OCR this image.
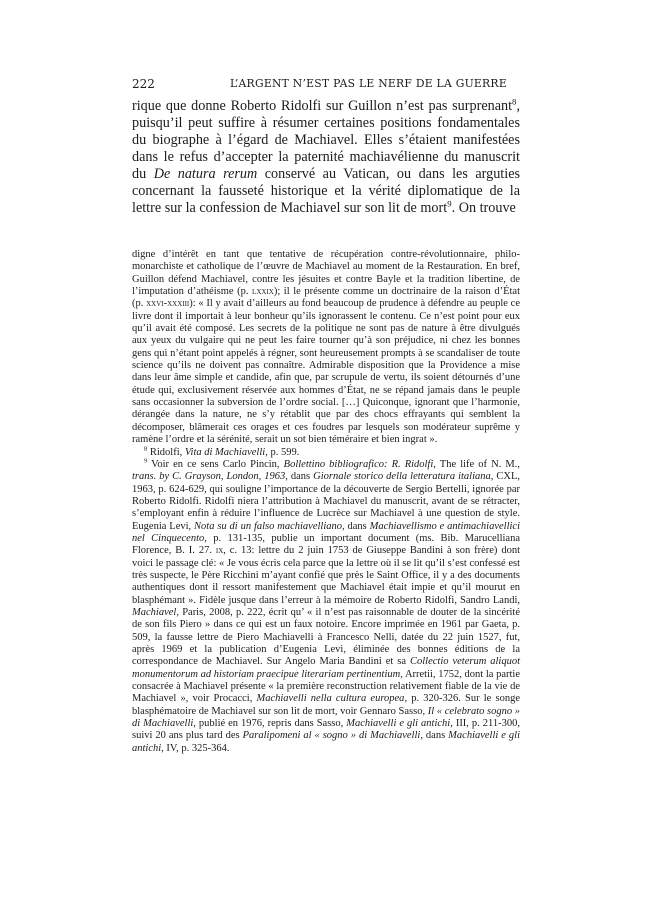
222	L’ARGENT N’EST PAS LE NERF DE LA GUERRE

rique que donne Roberto Ridolfi sur Guillon n’est pas surprenant$^8$, puisqu’il peut suffire à résumer certaines positions fondamentales du biographe à l’égard de Machiavel. Elles s’étaient manifestées dans le refus d’accepter la paternité machiavélienne du manuscrit du De natura rerum conservé au Vatican, ou dans les arguties concernant la fausseté historique et la vérité diplomatique de la lettre sur la confession de Machiavel sur son lit de mort$^9$. On trouve

digne d’intérêt en tant que tentative de récupération contre-révolutionnaire, philo-monarchiste et catholique de l’œuvre de Machiavel au moment de la Restauration. En bref, Guillon défend Machiavel, contre les jésuites et contre Bayle et la tradition libertine, de l’imputation d’athéisme (p. lxxix); il le présente comme un doctrinaire de la raison d’État (p. xxvi-xxxiii): « Il y avait d’ailleurs au fond beaucoup de prudence à défendre au peuple ce livre dont il importait à leur bonheur qu’ils ignorassent le contenu. Ce n’est point pour eux qu’il avait été composé. Les secrets de la politique ne sont pas de nature à être divulgués aux yeux du vulgaire qui ne peut les faire tourner qu’à son préjudice, ni chez les bonnes gens qui n’étant point appelés à régner, sont heureusement prompts à se scandaliser de toute science qu’ils ne doivent pas connaître. Admirable disposition que la Providence a mise dans leur âme simple et candide, afin que, par scrupule de vertu, ils soient détournés d’une étude qui, exclusivement réservée aux hommes d’État, ne se répand jamais dans le peuple sans occasionner la subversion de l’ordre social. […] Quiconque, ignorant que l’harmonie, dérangée dans la nature, ne s’y rétablit que par des chocs effrayants qui semblent la décomposer, blâmerait ces orages et ces foudres par lesquels son modérateur suprême y ramène l’ordre et la sérénité, serait un sot bien téméraire et bien ingrat ».

$^8$ Ridolfi, Vita di Machiavelli, p. 599.

$^9$ Voir en ce sens Carlo Pincin, Bollettino bibliografico: R. Ridolfi, The life of N. M., trans. by C. Grayson, London, 1963, dans Giornale storico della letteratura italiana, CXL, 1963, p. 624-629, qui souligne l’importance de la découverte de Sergio Bertelli, ignorée par Roberto Ridolfi. Ridolfi niera l’attribution à Machiavel du manuscrit, avant de se rétracter, s’employant enfin à réduire l’influence de Lucrèce sur Machiavel à une question de style. Eugenia Levi, Nota su di un falso machiavelliano, dans Machiavellismo e antimachiavellici nel Cinquecento, p. 131-135, publie un important document (ms. Bib. Marucelliana Florence, B. I. 27. ix, c. 13: lettre du 2 juin 1753 de Giuseppe Bandini à son frère) dont voici le passage clé: « Je vous écris cela parce que la lettre où il se lit qu’il s’est confessé est très suspecte, le Père Ricchini m’ayant confié que près le Saint Office, il y a des documents authentiques dont il ressort manifestement que Machiavel était impie et qu’il mourut en blasphémant ». Fidèle jusque dans l’erreur à la mémoire de Roberto Ridolfi, Sandro Landi, Machiavel, Paris, 2008, p. 222, écrit qu’ « il n’est pas raisonnable de douter de la sincérité de son fils Piero » dans ce qui est un faux notoire. Encore imprimée en 1961 par Gaeta, p. 509, la fausse lettre de Piero Machiavelli à Francesco Nelli, datée du 22 juin 1527, fut, après 1969 et la publication d’Eugenia Levi, éliminée des bonnes éditions de la correspondance de Machiavel. Sur Angelo Maria Bandini et sa Collectio veterum aliquot monumentorum ad historiam praecipue literariam pertinentium, Arretii, 1752, dont la partie consacrée à Machiavel présente « la première reconstruction relativement fiable de la vie de Machiavel », voir Procacci, Machiavelli nella cultura europea, p. 320-326. Sur le songe blasphématoire de Machiavel sur son lit de mort, voir Gennaro Sasso, Il « celebrato sogno » di Machiavelli, publié en 1976, repris dans Sasso, Machiavelli e gli antichi, III, p. 211-300, suivi 20 ans plus tard des Paralipomeni al « sogno » di Machiavelli, dans Machiavelli e gli antichi, IV, p. 325-364.
